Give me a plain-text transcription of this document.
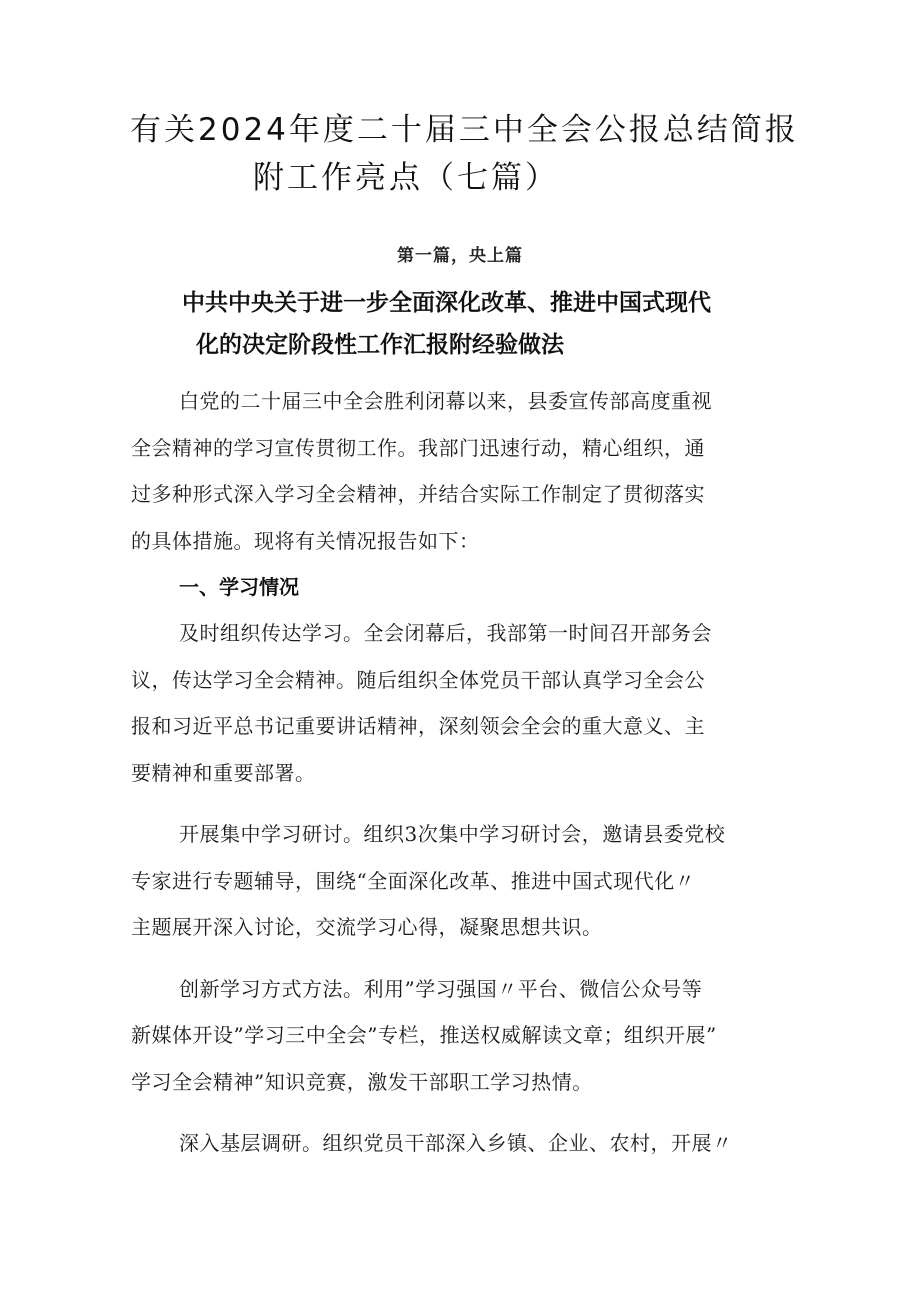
有关2024年度二十届三中全会公报总结简报
附工作亮点（七篇）

第一篇，央上篇

中共中央关于进一步全面深化改革、推进中国式现代
化的决定阶段性工作汇报附经验做法

白党的二十届三中全会胜利闭幕以来，县委宣传部高度重视
全会精神的学习宣传贯彻工作。我部门迅速行动，精心组织，通
过多种形式深入学习全会精神，并结合实际工作制定了贯彻落实
的具体措施。现将有关情况报告如下：

一、学习情况

及时组织传达学习。全会闭幕后，我部第一时间召开部务会
议，传达学习全会精神。随后组织全体党员干部认真学习全会公
报和习近平总书记重要讲话精神，深刻领会全会的重大意义、主
要精神和重要部署。

开展集中学习研讨。组织3次集中学习研讨会，邀请县委党校
专家进行专题辅导，围绕“全面深化改革、推进中国式现代化〃
主题展开深入讨论，交流学习心得，凝聚思想共识。

创新学习方式方法。利用”学习强国〃平台、微信公众号等
新媒体开设”学习三中全会”专栏，推送权威解读文章；组织开展”
学习全会精神”知识竞赛，激发干部职工学习热情。

深入基层调研。组织党员干部深入乡镇、企业、农村，开展〃
